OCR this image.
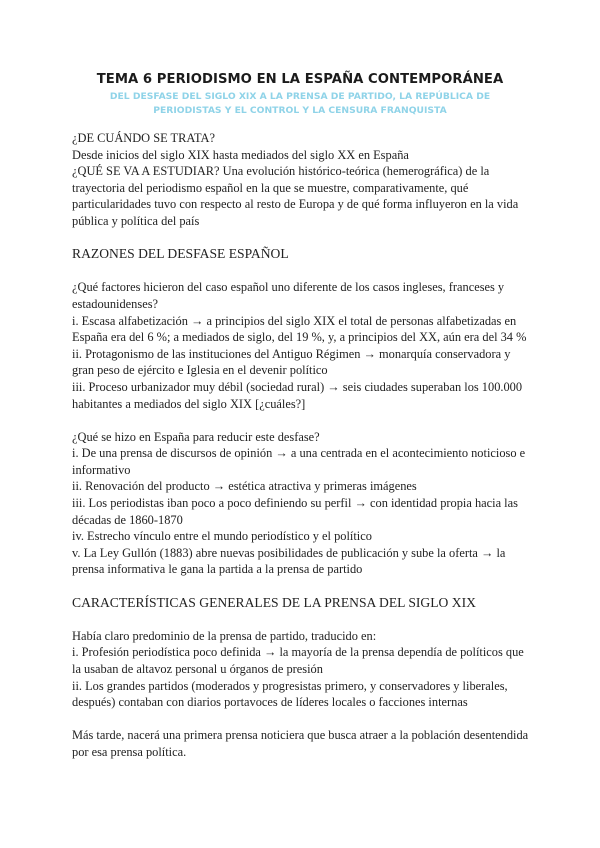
TEMA 6 PERIODISMO EN LA ESPAÑA CONTEMPORÁNEA
DEL DESFASE DEL SIGLO XIX A LA PRENSA DE PARTIDO, LA REPÚBLICA DE
PERIODISTAS Y EL CONTROL Y LA CENSURA FRANQUISTA

¿DE CUÁNDO SE TRATA?

Desde inicios del siglo XIX hasta mediados del siglo XX en España

¿QUÉ SE VA A ESTUDIAR? Una evolución histórico-teórica (hemerográfica) de la trayectoria del periodismo español en la que se muestre, comparativamente, qué particularidades tuvo con respecto al resto de Europa y de qué forma influyeron en la vida pública y política del país

RAZONES DEL DESFASE ESPAÑOL

¿Qué factores hicieron del caso español uno diferente de los casos ingleses, franceses y estadounidenses?

i. Escasa alfabetización → a principios del siglo XIX el total de personas alfabetizadas en España era del 6 %; a mediados de siglo, del 19 %, y, a principios del XX, aún era del 34 %

ii. Protagonismo de las instituciones del Antiguo Régimen → monarquía conservadora y gran peso de ejército e Iglesia en el devenir político

iii. Proceso urbanizador muy débil (sociedad rural) → seis ciudades superaban los 100.000 habitantes a mediados del siglo XIX [¿cuáles?]

¿Qué se hizo en España para reducir este desfase?

i. De una prensa de discursos de opinión → a una centrada en el acontecimiento noticioso e informativo

ii. Renovación del producto → estética atractiva y primeras imágenes

iii. Los periodistas iban poco a poco definiendo su perfil → con identidad propia hacia las décadas de 1860-1870

iv. Estrecho vínculo entre el mundo periodístico y el político

v. La Ley Gullón (1883) abre nuevas posibilidades de publicación y sube la oferta → la prensa informativa le gana la partida a la prensa de partido

CARACTERÍSTICAS GENERALES DE LA PRENSA DEL SIGLO XIX

Había claro predominio de la prensa de partido, traducido en:

i. Profesión periodística poco definida → la mayoría de la prensa dependía de políticos que la usaban de altavoz personal u órganos de presión

ii. Los grandes partidos (moderados y progresistas primero, y conservadores y liberales, después) contaban con diarios portavoces de líderes locales o facciones internas

Más tarde, nacerá una primera prensa noticiera que busca atraer a la población desentendida por esa prensa política.
